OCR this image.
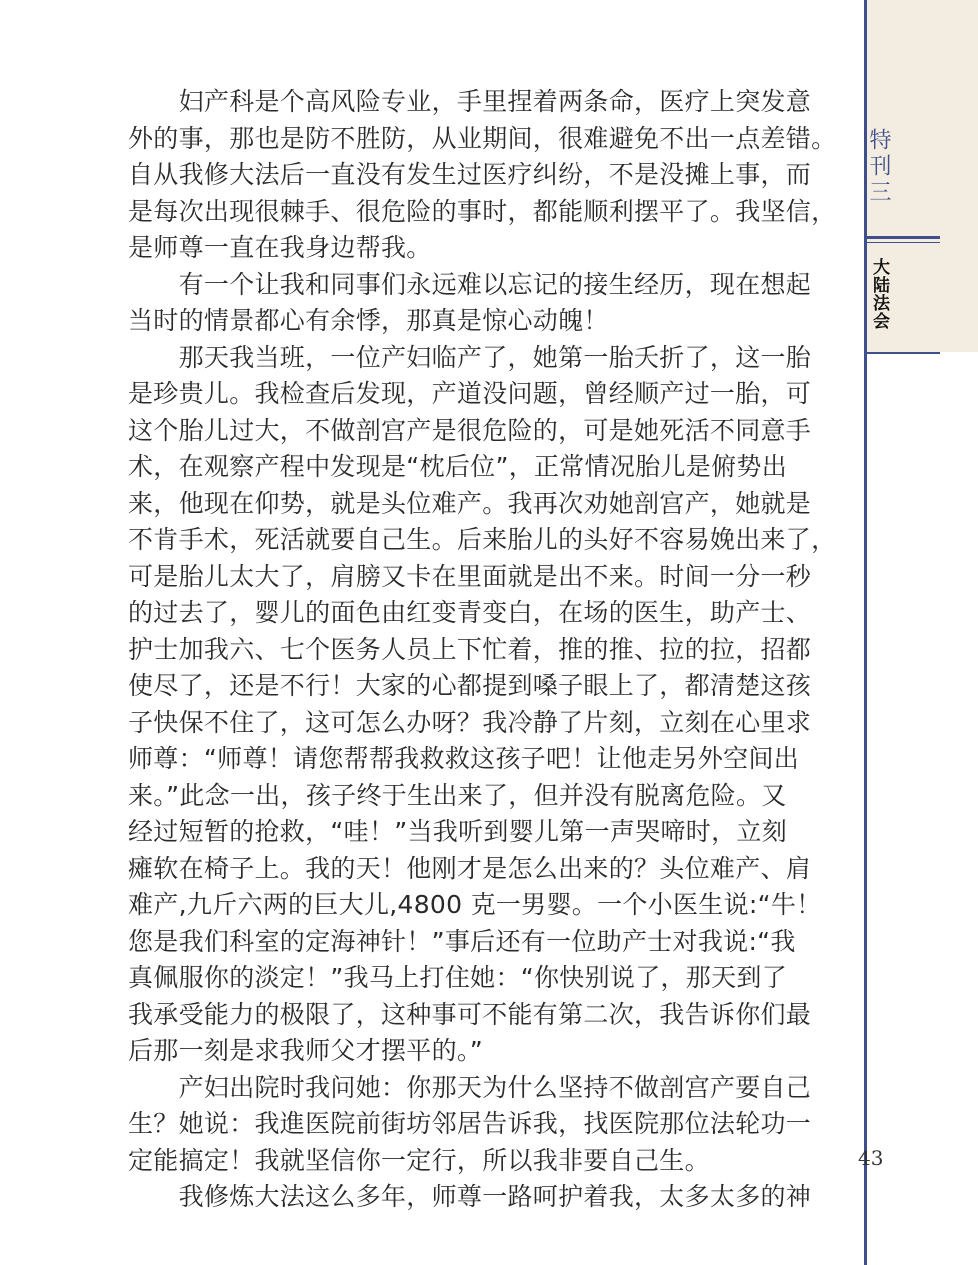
特刊三
大陆法会
　　妇产科是个高风险专业，手里捏着两条命，医疗上突发意
外的事，那也是防不胜防，从业期间，很难避免不出一点差错。
自从我修大法后一直没有发生过医疗纠纷，不是没摊上事，而
是每次出现很棘手、很危险的事时，都能顺利摆平了。我坚信，
是师尊一直在我身边帮我。
　　有一个让我和同事们永远难以忘记的接生经历，现在想起
当时的情景都心有余悸，那真是惊心动魄！
　　那天我当班，一位产妇临产了，她第一胎夭折了，这一胎
是珍贵儿。我检查后发现，产道没问题，曾经顺产过一胎，可
这个胎儿过大，不做剖宫产是很危险的，可是她死活不同意手
术，在观察产程中发现是“枕后位”，正常情况胎儿是俯势出
来，他现在仰势，就是头位难产。我再次劝她剖宫产，她就是
不肯手术，死活就要自己生。后来胎儿的头好不容易娩出来了，
可是胎儿太大了，肩膀又卡在里面就是出不来。时间一分一秒
的过去了，婴儿的面色由红变青变白，在场的医生，助产士、
护士加我六、七个医务人员上下忙着，推的推、拉的拉，招都
使尽了，还是不行！大家的心都提到嗓子眼上了，都清楚这孩
子快保不住了，这可怎么办呀？我冷静了片刻，立刻在心里求
师尊：“师尊！请您帮帮我救救这孩子吧！让他走另外空间出
来。”此念一出，孩子终于生出来了，但并没有脱离危险。又
经过短暂的抢救，“哇！”当我听到婴儿第一声哭啼时，立刻
瘫软在椅子上。我的天！他刚才是怎么出来的？头位难产、肩
难产,九斤六两的巨大儿,4800 克一男婴。一个小医生说:“牛！
您是我们科室的定海神针！”事后还有一位助产士对我说:“我
真佩服你的淡定！”我马上打住她：“你快别说了，那天到了
我承受能力的极限了，这种事可不能有第二次，我告诉你们最
后那一刻是求我师父才摆平的。”
　　产妇出院时我问她：你那天为什么坚持不做剖宫产要自己
生？她说：我進医院前街坊邻居告诉我，找医院那位法轮功一
定能搞定！我就坚信你一定行，所以我非要自己生。
　　我修炼大法这么多年，师尊一路呵护着我，太多太多的神
43
